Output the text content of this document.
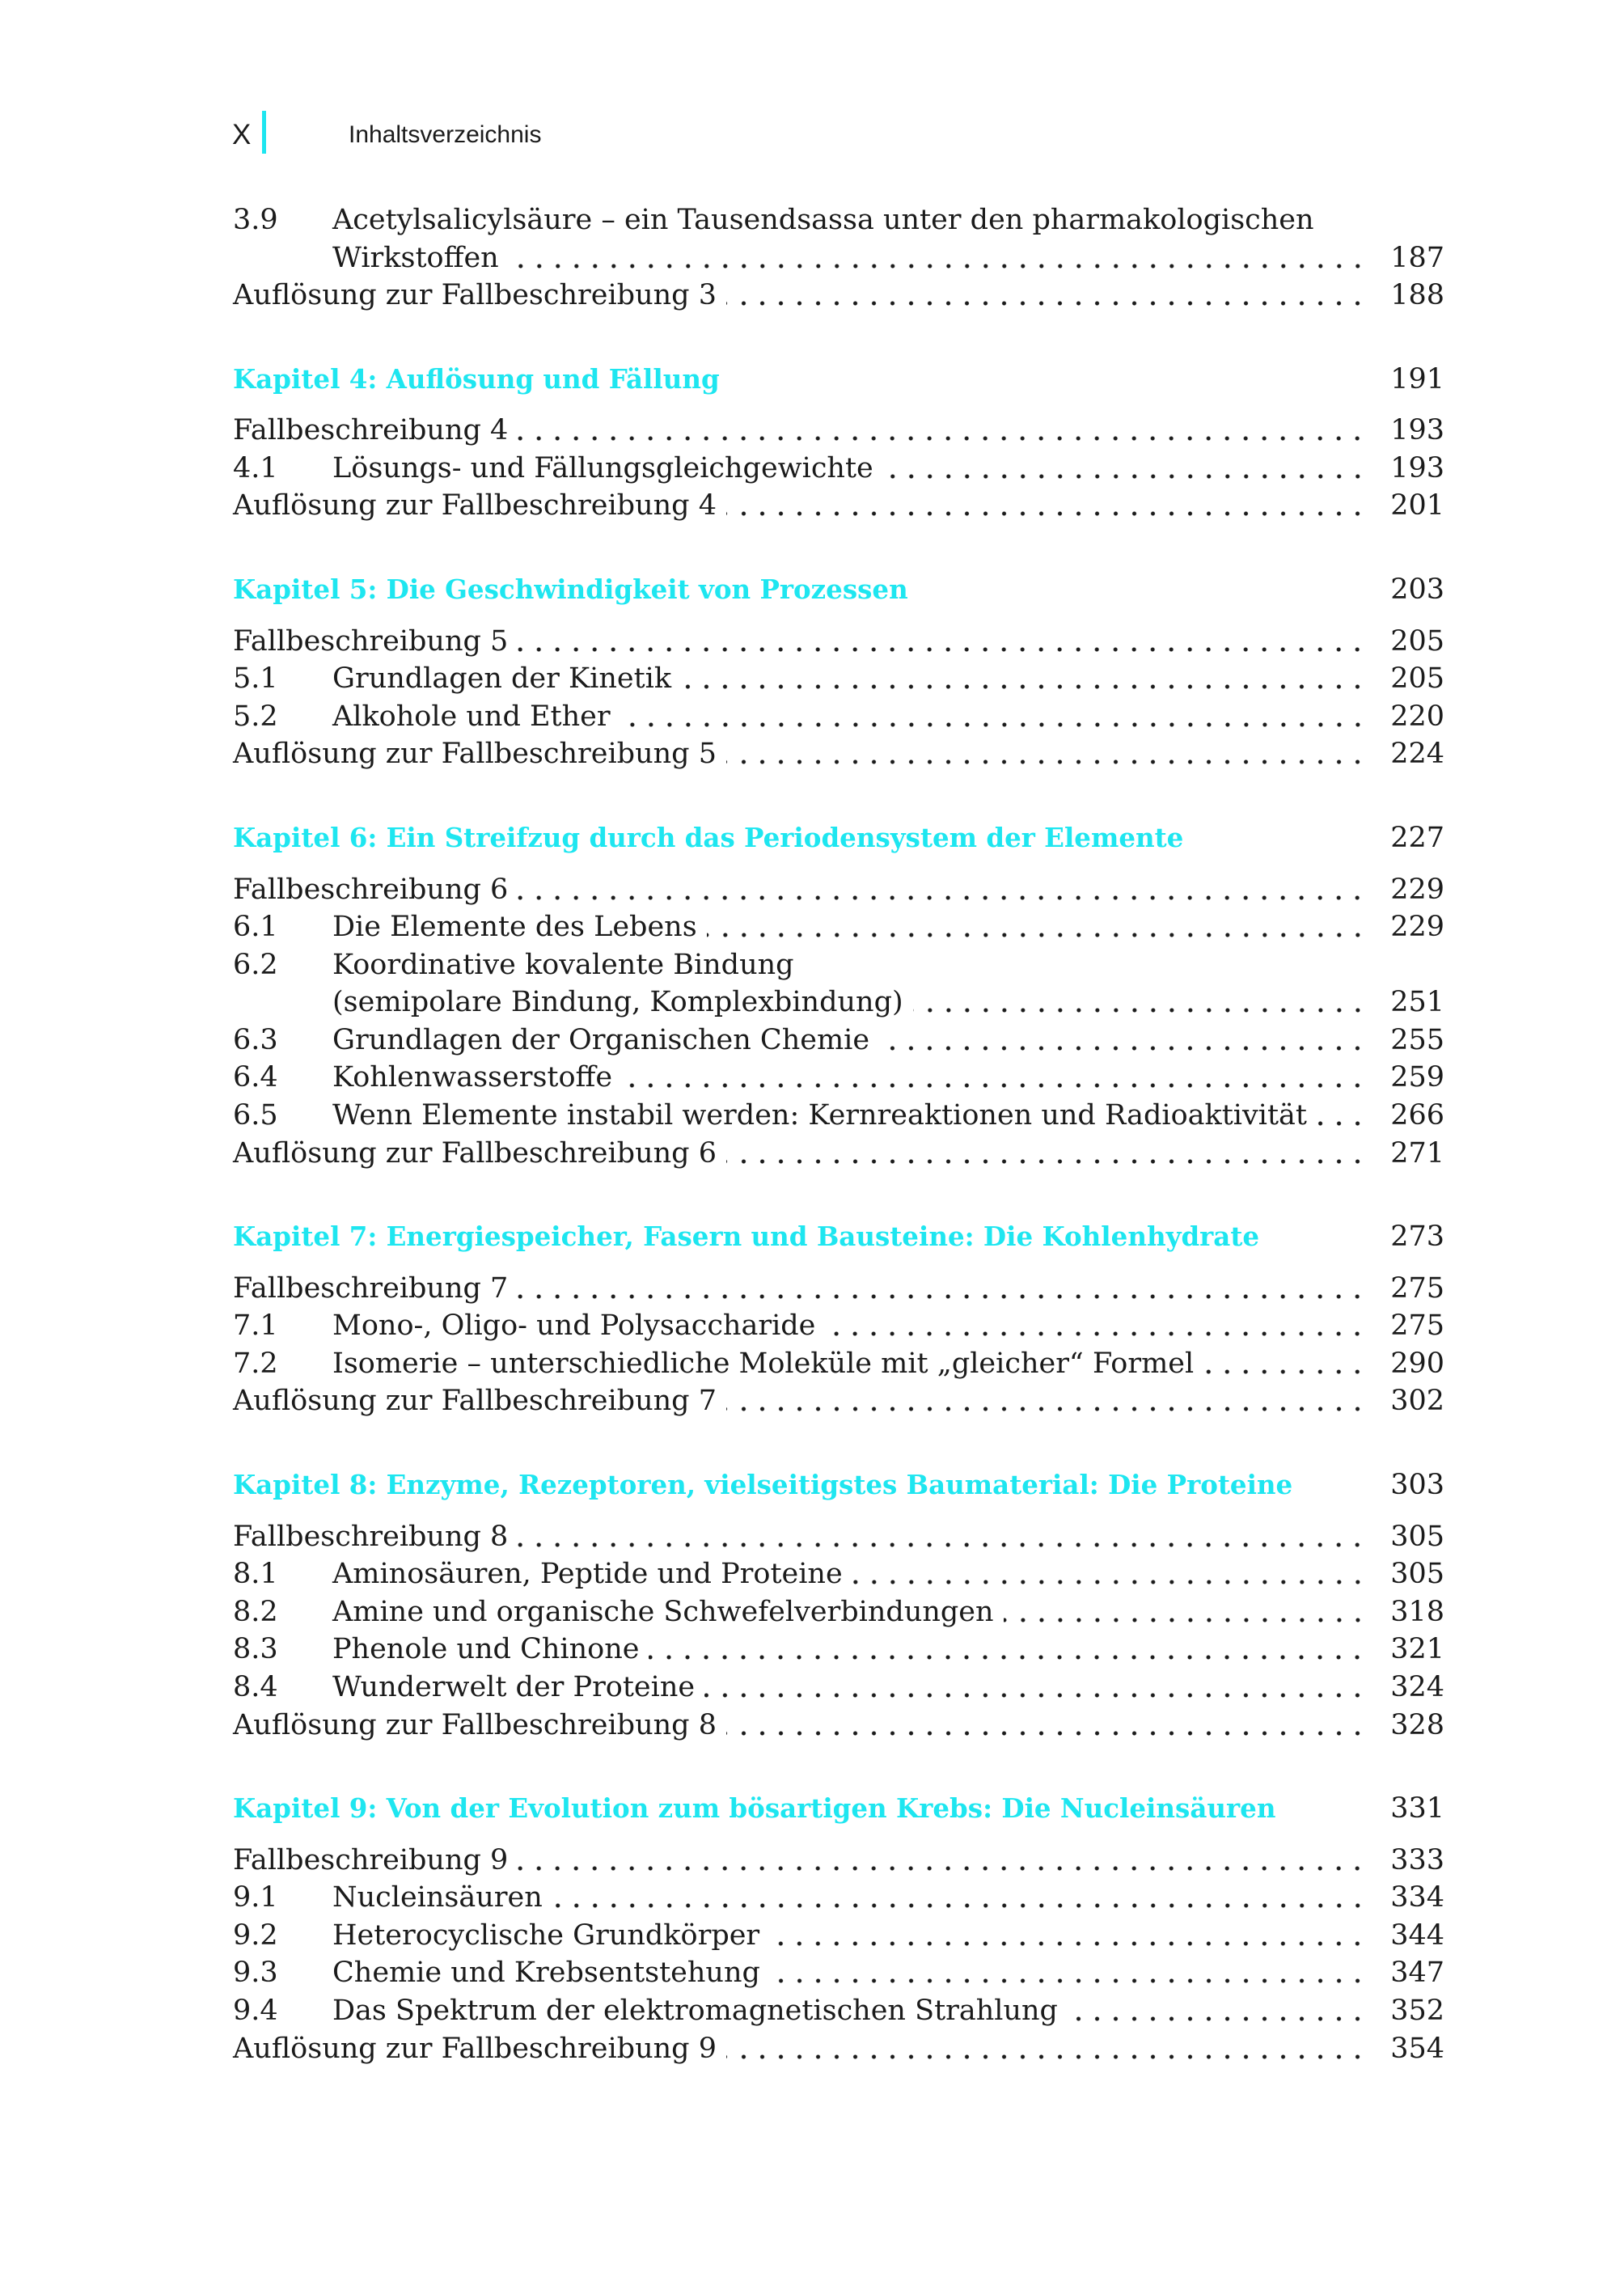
X	Inhaltsverzeichnis
3.9	Acetylsalicylsäure – ein Tausendsassa unter den pharmakologischen
Wirkstoffen	187
Auflösung zur Fallbeschreibung 3	188
Kapitel 4: Auflösung und Fällung	191
Fallbeschreibung 4	193
4.1	Lösungs- und Fällungsgleichgewichte	193
Auflösung zur Fallbeschreibung 4	201
Kapitel 5: Die Geschwindigkeit von Prozessen	203
Fallbeschreibung 5	205
5.1	Grundlagen der Kinetik	205
5.2	Alkohole und Ether	220
Auflösung zur Fallbeschreibung 5	224
Kapitel 6: Ein Streifzug durch das Periodensystem der Elemente	227
Fallbeschreibung 6	229
6.1	Die Elemente des Lebens	229
6.2	Koordinative kovalente Bindung
(semipolare Bindung, Komplexbindung)	251
6.3	Grundlagen der Organischen Chemie	255
6.4	Kohlenwasserstoffe	259
6.5	Wenn Elemente instabil werden: Kernreaktionen und Radioaktivität	266
Auflösung zur Fallbeschreibung 6	271
Kapitel 7: Energiespeicher, Fasern und Bausteine: Die Kohlenhydrate	273
Fallbeschreibung 7	275
7.1	Mono-, Oligo- und Polysaccharide	275
7.2	Isomerie – unterschiedliche Moleküle mit „gleicher“ Formel	290
Auflösung zur Fallbeschreibung 7	302
Kapitel 8: Enzyme, Rezeptoren, vielseitigstes Baumaterial: Die Proteine	303
Fallbeschreibung 8	305
8.1	Aminosäuren, Peptide und Proteine	305
8.2	Amine und organische Schwefelverbindungen	318
8.3	Phenole und Chinone	321
8.4	Wunderwelt der Proteine	324
Auflösung zur Fallbeschreibung 8	328
Kapitel 9: Von der Evolution zum bösartigen Krebs: Die Nucleinsäuren	331
Fallbeschreibung 9	333
9.1	Nucleinsäuren	334
9.2	Heterocyclische Grundkörper	344
9.3	Chemie und Krebsentstehung	347
9.4	Das Spektrum der elektromagnetischen Strahlung	352
Auflösung zur Fallbeschreibung 9	354
